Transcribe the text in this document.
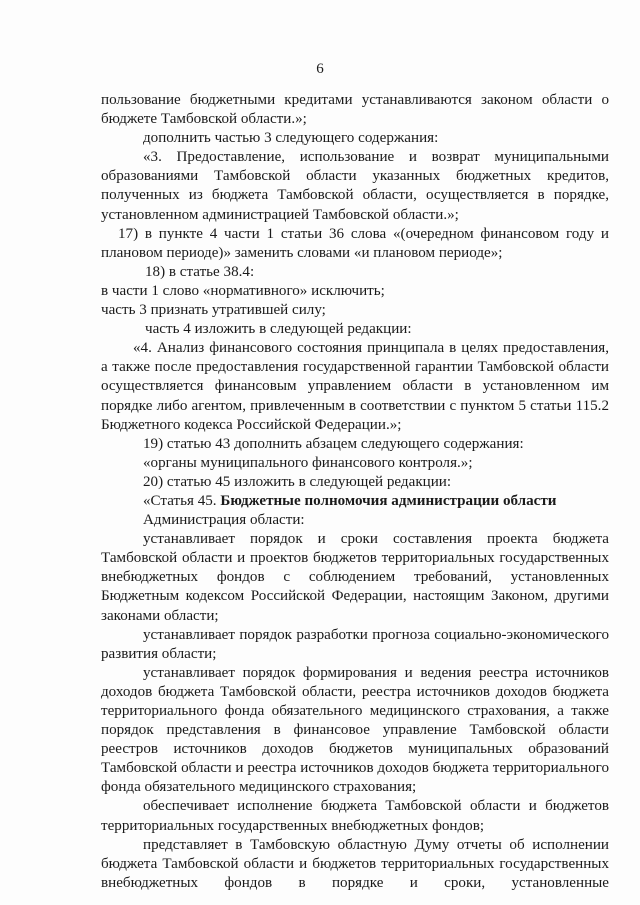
6

пользование бюджетными кредитами устанавливаются законом области о бюджете Тамбовской области.»;

дополнить частью 3 следующего содержания:

«3. Предоставление, использование и возврат муниципальными образованиями Тамбовской области указанных бюджетных кредитов, полученных из бюджета Тамбовской области, осуществляется в порядке, установленном администрацией Тамбовской области.»;

17) в пункте 4 части 1 статьи 36 слова «(очередном финансовом году и плановом периоде)» заменить словами «и плановом периоде»;

18) в статье 38.4:

в части 1 слово «нормативного» исключить;

часть 3 признать утратившей силу;

часть 4 изложить в следующей редакции:

«4. Анализ финансового состояния принципала в целях предоставления, а также после предоставления государственной гарантии Тамбовской области осуществляется финансовым управлением области в установленном им порядке либо агентом, привлеченным в соответствии с пунктом 5 статьи 115.2 Бюджетного кодекса Российской Федерации.»;

19) статью 43 дополнить абзацем следующего содержания:

«органы муниципального финансового контроля.»;

20) статью 45 изложить в следующей редакции:

«Статья 45. Бюджетные полномочия администрации области

Администрация области:

устанавливает порядок и сроки составления проекта бюджета Тамбовской области и проектов бюджетов территориальных государственных внебюджетных фондов с соблюдением требований, установленных Бюджетным кодексом Российской Федерации, настоящим Законом, другими законами области;

устанавливает порядок разработки прогноза социально-экономического развития области;

устанавливает порядок формирования и ведения реестра источников доходов бюджета Тамбовской области, реестра источников доходов бюджета территориального фонда обязательного медицинского страхования, а также порядок представления в финансовое управление Тамбовской области реестров источников доходов бюджетов муниципальных образований Тамбовской области и реестра источников доходов бюджета территориального фонда обязательного медицинского страхования;

обеспечивает исполнение бюджета Тамбовской области и бюджетов территориальных государственных внебюджетных фондов;

представляет в Тамбовскую областную Думу отчеты об исполнении бюджета Тамбовской области и бюджетов территориальных государственных внебюджетных фондов в порядке и сроки, установленные
